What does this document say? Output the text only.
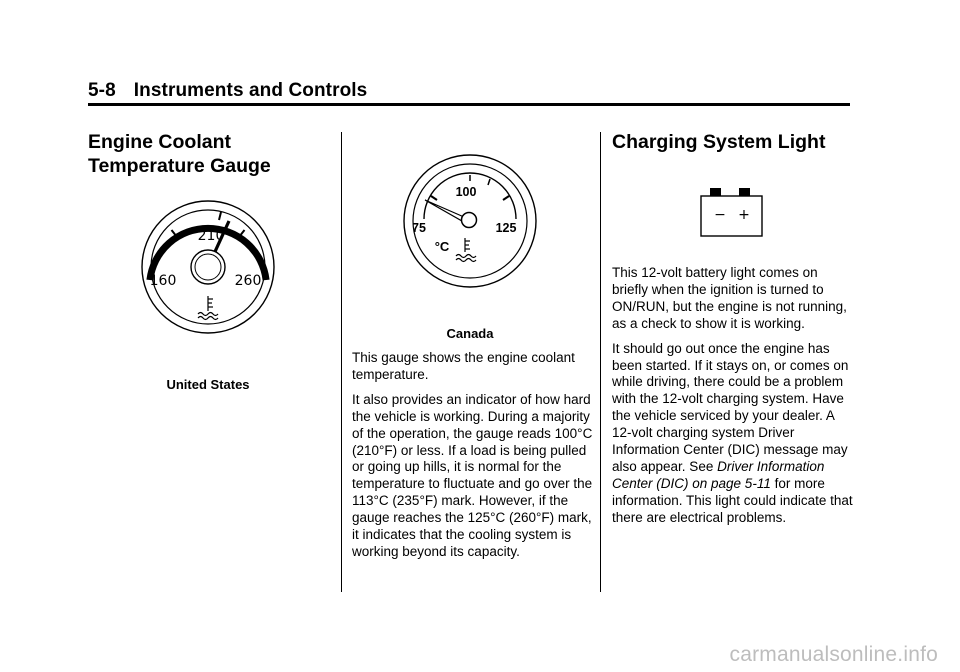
5-8 Instruments and Controls
Engine Coolant
Temperature Gauge
210
160	260
United States
100
75	125
°C
Canada

This gauge shows the engine coolant temperature.

It also provides an indicator of how hard the vehicle is working. During a majority of the operation, the gauge reads 100°C (210°F) or less. If a load is being pulled or going up hills, it is normal for the temperature to fluctuate and go over the 113°C (235°F) mark. However, if the gauge reaches the 125°C (260°F) mark, it indicates that the cooling system is working beyond its capacity.

Charging System Light
− +

This 12-volt battery light comes on briefly when the ignition is turned to ON/RUN, but the engine is not running, as a check to show it is working.

It should go out once the engine has been started. If it stays on, or comes on while driving, there could be a problem with the 12-volt charging system. Have the vehicle serviced by your dealer. A 12-volt charging system Driver Information Center (DIC) message may also appear. See Driver Information Center (DIC) on page 5-11 for more information. This light could indicate that there are electrical problems.

carmanualsonline.info
